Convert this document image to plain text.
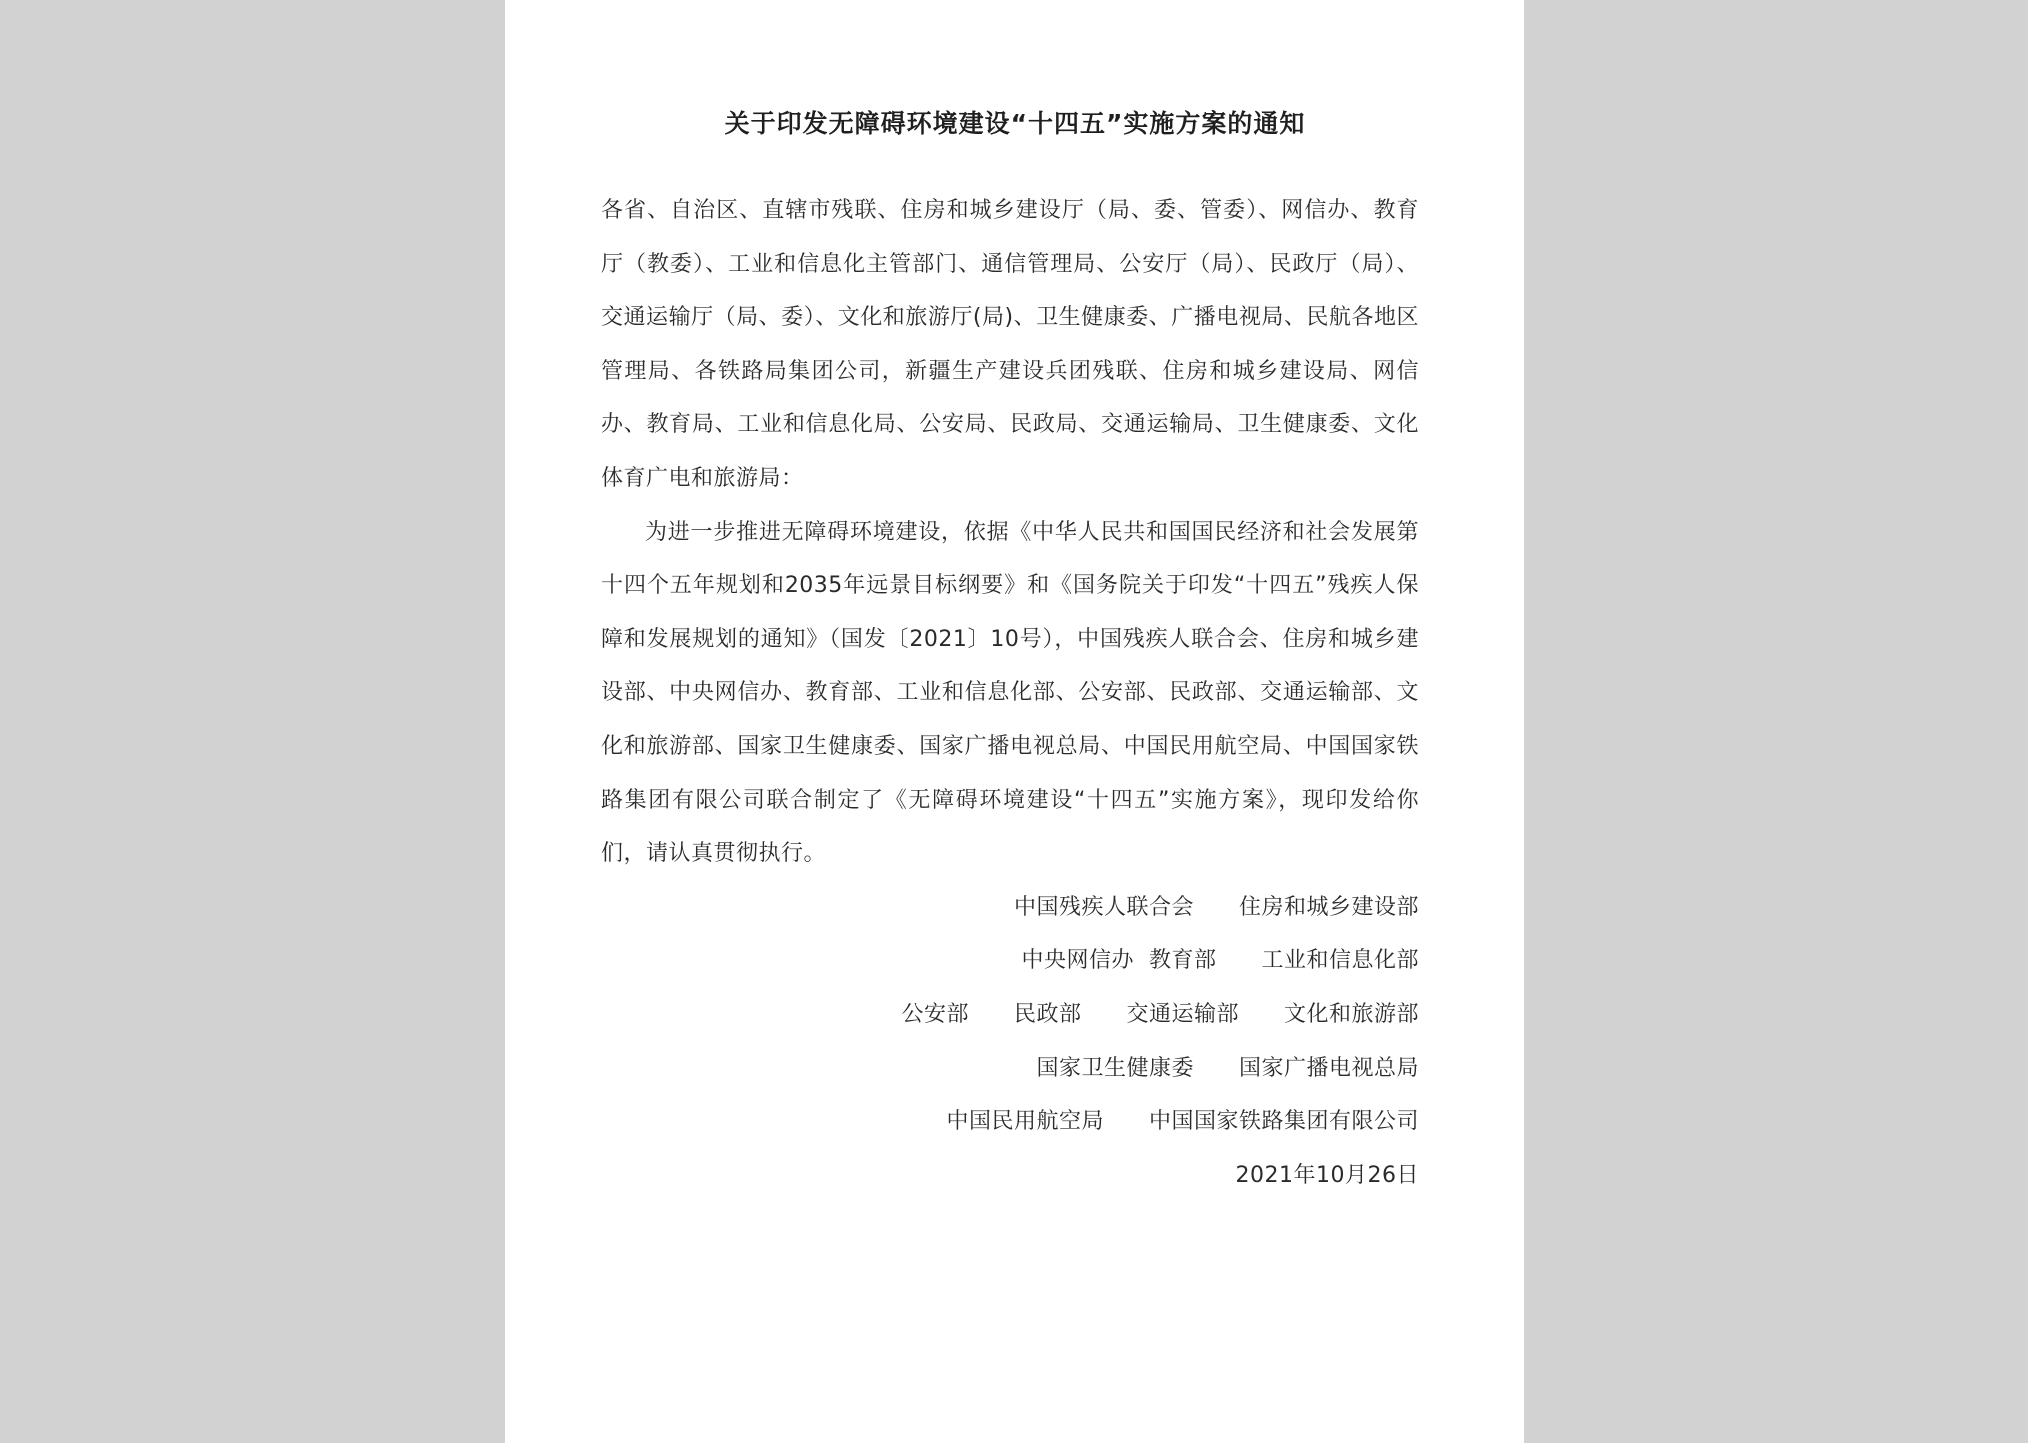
关于印发无障碍环境建设“十四五”实施方案的通知

各省、自治区、直辖市残联、住房和城乡建设厅（局、委、管委）、网信办、教育厅（教委）、工业和信息化主管部门、通信管理局、公安厅（局）、民政厅（局）、交通运输厅（局、委）、文化和旅游厅(局)、卫生健康委、广播电视局、民航各地区管理局、各铁路局集团公司，新疆生产建设兵团残联、住房和城乡建设局、网信办、教育局、工业和信息化局、公安局、民政局、交通运输局、卫生健康委、文化体育广电和旅游局：

为进一步推进无障碍环境建设，依据《中华人民共和国国民经济和社会发展第十四个五年规划和2035年远景目标纲要》和《国务院关于印发“十四五”残疾人保障和发展规划的通知》（国发〔2021〕10号），中国残疾人联合会、住房和城乡建设部、中央网信办、教育部、工业和信息化部、公安部、民政部、交通运输部、文化和旅游部、国家卫生健康委、国家广播电视总局、中国民用航空局、中国国家铁路集团有限公司联合制定了《无障碍环境建设“十四五”实施方案》，现印发给你们，请认真贯彻执行。

中国残疾人联合会　　住房和城乡建设部
中央网信办  教育部　　工业和信息化部
公安部　　民政部　　交通运输部　　文化和旅游部
国家卫生健康委　　国家广播电视总局
中国民用航空局　　中国国家铁路集团有限公司
2021年10月26日
